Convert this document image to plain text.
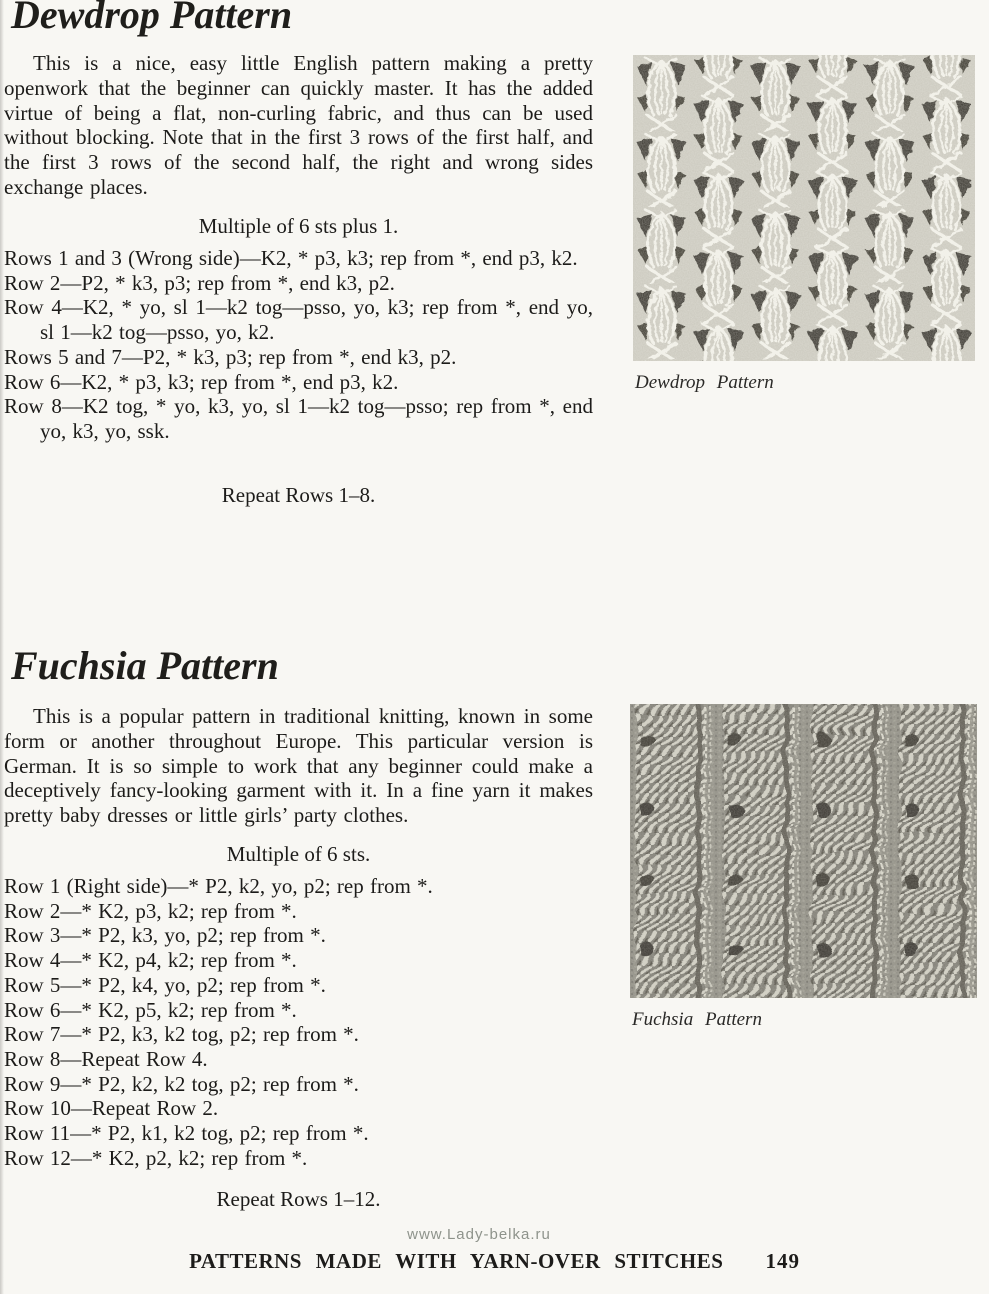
Dewdrop Pattern

This is a nice, easy little English pattern making a pretty openwork that the beginner can quickly master. It has the added virtue of being a flat, non-curling fabric, and thus can be used without blocking. Note that in the first 3 rows of the first half, and the first 3 rows of the second half, the right and wrong sides exchange places.

Multiple of 6 sts plus 1.
Rows 1 and 3 (Wrong side)—K2, * p3, k3; rep from *, end p3, k2.
Row 2—P2, * k3, p3; rep from *, end k3, p2.
Row 4—K2, * yo, sl 1—k2 tog—psso, yo, k3; rep from *, end yo, sl 1—k2 tog—psso, yo, k2.
Rows 5 and 7—P2, * k3, p3; rep from *, end k3, p2.
Row 6—K2, * p3, k3; rep from *, end p3, k2.
Row 8—K2 tog, * yo, k3, yo, sl 1—k2 tog—psso; rep from *, end yo, k3, yo, ssk.
Repeat Rows 1–8.
Dewdrop Pattern
Fuchsia Pattern

This is a popular pattern in traditional knitting, known in some form or another throughout Europe. This particular version is German. It is so simple to work that any beginner could make a deceptively fancy-looking garment with it. In a fine yarn it makes pretty baby dresses or little girls’ party clothes.

Multiple of 6 sts.
Row 1 (Right side)—* P2, k2, yo, p2; rep from *.
Row 2—* K2, p3, k2; rep from *.
Row 3—* P2, k3, yo, p2; rep from *.
Row 4—* K2, p4, k2; rep from *.
Row 5—* P2, k4, yo, p2; rep from *.
Row 6—* K2, p5, k2; rep from *.
Row 7—* P2, k3, k2 tog, p2; rep from *.
Row 8—Repeat Row 4.
Row 9—* P2, k2, k2 tog, p2; rep from *.
Row 10—Repeat Row 2.
Row 11—* P2, k1, k2 tog, p2; rep from *.
Row 12—* K2, p2, k2; rep from *.
Repeat Rows 1–12.
Fuchsia Pattern
www.Lady-belka.ru
PATTERNS MADE WITH YARN-OVER STITCHES 149
